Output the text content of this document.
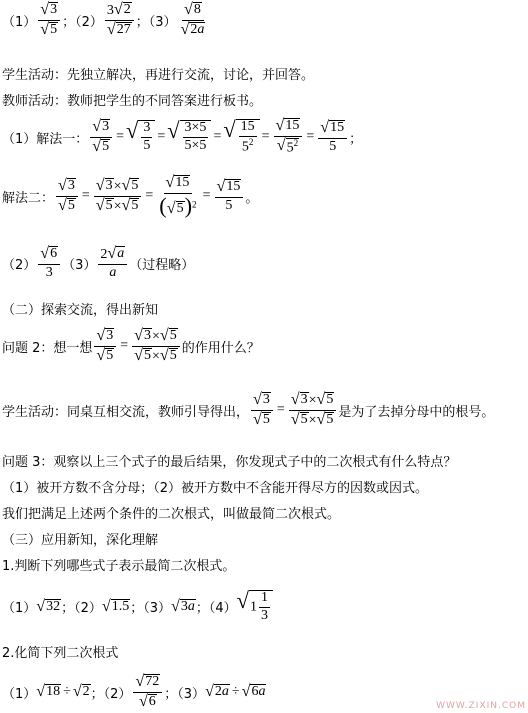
$(1) \frac{√ 3}{√ 5}$ ；$(2) \frac{3 √ 2}{√ 27}$ ；$(3) \frac{√ 8}{√ 2a}$
学生活动：先独立解决，再进行交流，讨论，并回答。
教师活动：教师把学生的不同答案进行板书。
（1）解法一： $\frac{√ 3}{√ 5}$ = √ $\frac{3}{5}$ = √ $\frac{3\times 5}{5\times 5}$ = √ $\frac{15}{5^2} = \frac{√ 15}{√ 5^2} = \frac{√ 15}{5}$ ；
解法二： $\frac{√ 3}{√ 5} = \frac{√ 3 \times √ 5}{√ 5 \times √ 5} = \frac{√ 15}{( √ 5 )^2} = \frac{√ 15}{5}$ 。
$(2) \frac{√ 6}{3} (3) \frac{2 √ a}{a}$ （过程略）
（二）探索交流，得出新知
问题 2：想一想 $\frac{√ 3}{√ 5} = \frac{√ 3 \times √ 5}{√ 5 \times √ 5}$ 的作用什么？
学生活动：同桌互相交流，教师引导得出， $\frac{√ 3}{√ 5} = \frac{√ 3 \times √ 5}{√ 5 \times √ 5}$ 是为了去掉分母中的根号。
问题 3：观察以上三个式子的最后结果，你发现式子中的二次根式有什么特点？
（1）被开方数不含分母；（2）被开方数中不含能开得尽方的因数或因式。
我们把满足上述两个条件的二次根式，叫做最简二次根式。
（三）应用新知，深化理解
1.判断下列哪些式子表示最简二次根式。
（1） √ 32 ；（2） √ 1.5 ；（3） √ 3a ；（4） √ $1 \frac{1}{3}$
2.化简下列二次根式
（1） √ 18 ÷ √ 2 ；$(2) \frac{√ 72}{√ 6}$ ；（3） √ 2a ÷ √ 6a
WWW.ZIXIN.COM
